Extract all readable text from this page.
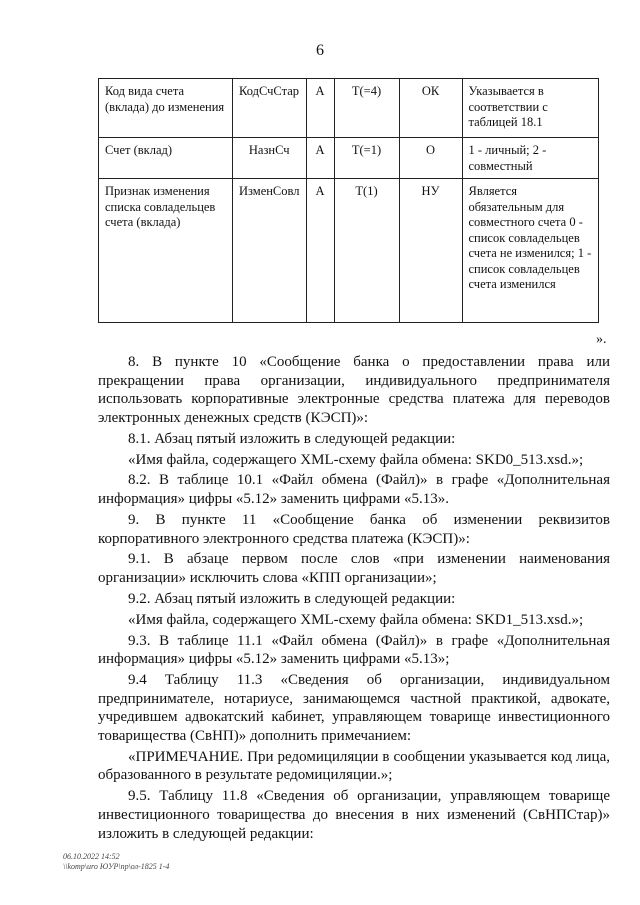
6
Код вида счета (вклада) до изменения	КодСчСтар	А	Т(=4)	ОК	Указывается в соответствии с таблицей 18.1
Счет (вклад)	НазнСч	А	Т(=1)	О	1 - личный; 2 - совместный
Признак изменения списка совладельцев счета (вклада)	ИзменСовл	А	Т(1)	НУ	Является обязательным для совместного счета 0 - список совладельцев счета не изменился; 1 - список совладельцев счета изменился
».

8. В пункте 10 «Сообщение банка о предоставлении права или прекращении права организации, индивидуального предпринимателя использовать корпоративные электронные средства платежа для переводов электронных денежных средств (КЭСП)»:

8.1. Абзац пятый изложить в следующей редакции:

«Имя файла, содержащего XML-схему файла обмена: SKD0_513.xsd.»;

8.2. В таблице 10.1 «Файл обмена (Файл)» в графе «Дополнительная информация» цифры «5.12» заменить цифрами «5.13».

9. В пункте 11 «Сообщение банка об изменении реквизитов корпоративного электронного средства платежа (КЭСП)»:

9.1. В абзаце первом после слов «при изменении наименования организации» исключить слова «КПП организации»;

9.2. Абзац пятый изложить в следующей редакции:

«Имя файла, содержащего XML-схему файла обмена: SKD1_513.xsd.»;

9.3. В таблице 11.1 «Файл обмена (Файл)» в графе «Дополнительная информация» цифры «5.12» заменить цифрами «5.13»;

9.4 Таблицу 11.3 «Сведения об организации, индивидуальном предпринимателе, нотариусе, занимающемся частной практикой, адвокате, учредившем адвокатский кабинет, управляющем товарище инвестиционного товарищества (СвНП)» дополнить примечанием:

«ПРИМЕЧАНИЕ. При редомициляции в сообщении указывается код лица, образованного в результате редомициляции.»;

9.5. Таблицу 11.8 «Сведения об организации, управляющем товарище инвестиционного товарищества до внесения в них изменений (СвНПСтар)» изложить в следующей редакции:

06.10.2022 14:52
\\komp\uro ЮУР\пр\ол-1825 1-4
